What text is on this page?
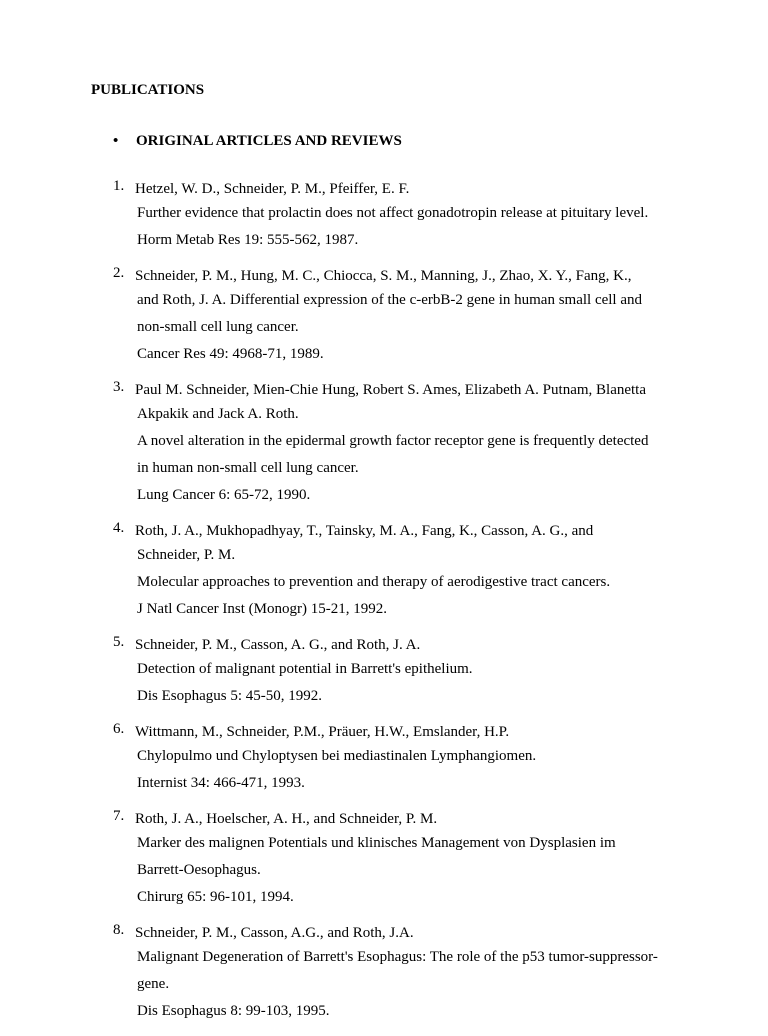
PUBLICATIONS
• ORIGINAL ARTICLES AND REVIEWS
1. Hetzel, W. D., Schneider, P. M., Pfeiffer, E. F.
Further evidence that prolactin does not affect gonadotropin release at pituitary level.
Horm Metab Res 19: 555-562, 1987.
2. Schneider, P. M., Hung, M. C., Chiocca, S. M., Manning, J., Zhao, X. Y., Fang, K.,
and Roth, J. A. Differential expression of the c-erbB-2 gene in human small cell and
non-small cell lung cancer.
Cancer Res 49: 4968-71, 1989.
3. Paul M. Schneider, Mien-Chie Hung, Robert S. Ames, Elizabeth A. Putnam, Blanetta
Akpakik and Jack A. Roth.
A novel alteration in the epidermal growth factor receptor gene is frequently detected
in human non-small cell lung cancer.
Lung Cancer 6: 65-72, 1990.
4. Roth, J. A., Mukhopadhyay, T., Tainsky, M. A., Fang, K., Casson, A. G., and
Schneider, P. M.
Molecular approaches to prevention and therapy of aerodigestive tract cancers.
J Natl Cancer Inst (Monogr) 15-21, 1992.
5. Schneider, P. M., Casson, A. G., and Roth, J. A.
Detection of malignant potential in Barrett's epithelium.
Dis Esophagus 5: 45-50, 1992.
6. Wittmann, M., Schneider, P.M., Präuer, H.W., Emslander, H.P.
Chylopulmo und Chyloptysen bei mediastinalen Lymphangiomen.
Internist 34: 466-471, 1993.
7. Roth, J. A., Hoelscher, A. H., and Schneider, P. M.
Marker des malignen Potentials und klinisches Management von Dysplasien im
Barrett-Oesophagus.
Chirurg 65: 96-101, 1994.
8. Schneider, P. M., Casson, A.G., and Roth, J.A.
Malignant Degeneration of Barrett's Esophagus: The role of the p53 tumor-suppressor-
gene.
Dis Esophagus 8: 99-103, 1995.
